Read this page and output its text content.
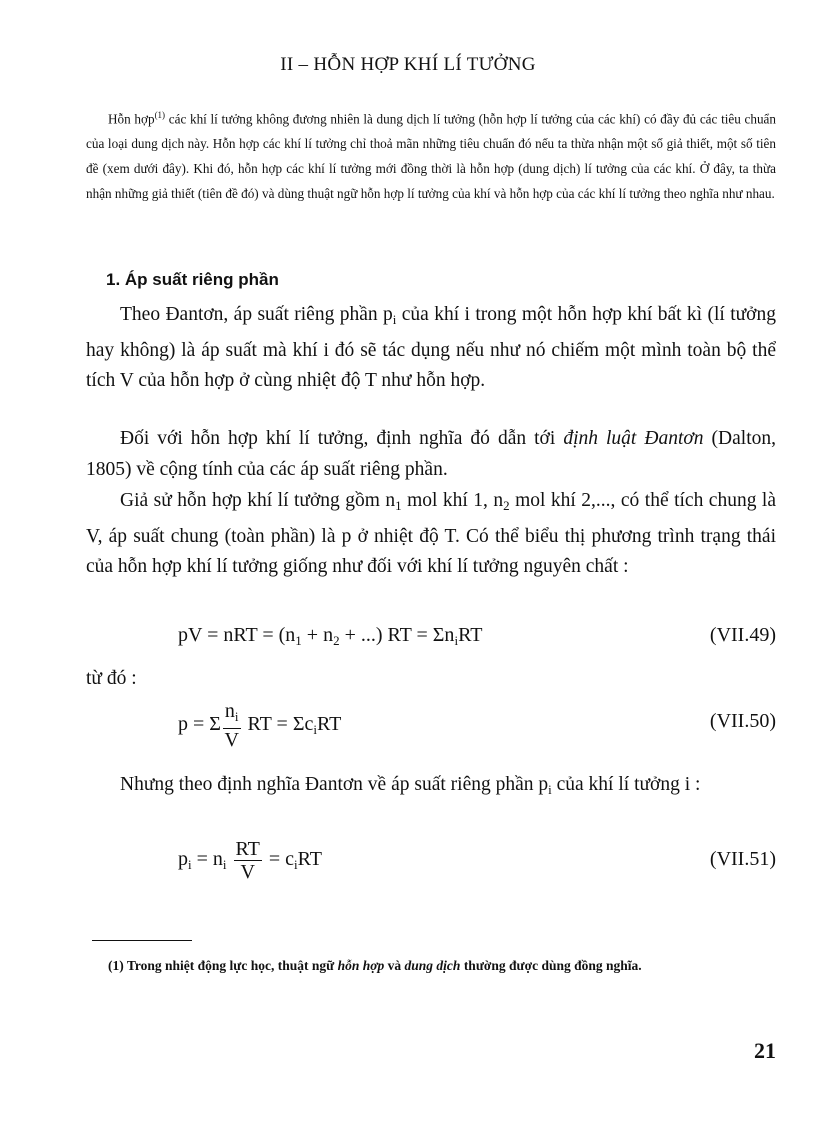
II – HỖN HỢP KHÍ LÍ TƯỞNG

Hỗn hợp$^{(1)}$ các khí lí tưởng không đương nhiên là dung dịch lí tưởng (hỗn hợp lí tưởng của các khí) có đầy đủ các tiêu chuẩn của loại dung dịch này. Hỗn hợp các khí lí tưởng chỉ thoả mãn những tiêu chuẩn đó nếu ta thừa nhận một số giả thiết, một số tiên đề (xem dưới đây). Khi đó, hỗn hợp các khí lí tưởng mới đồng thời là hỗn hợp (dung dịch) lí tưởng của các khí. Ở đây, ta thừa nhận những giả thiết (tiên đề đó) và dùng thuật ngữ hỗn hợp lí tưởng của khí và hỗn hợp của các khí lí tưởng theo nghĩa như nhau.

1. Áp suất riêng phần

Theo Đantơn, áp suất riêng phần $p_i$ của khí i trong một hỗn hợp khí bất kì (lí tưởng hay không) là áp suất mà khí i đó sẽ tác dụng nếu như nó chiếm một mình toàn bộ thể tích V của hỗn hợp ở cùng nhiệt độ T như hỗn hợp.

Đối với hỗn hợp khí lí tưởng, định nghĩa đó dẫn tới định luật Đantơn (Dalton, 1805) về cộng tính của các áp suất riêng phần.

Giả sử hỗn hợp khí lí tưởng gồm $n_1$ mol khí 1, $n_2$ mol khí 2,..., có thể tích chung là V, áp suất chung (toàn phần) là p ở nhiệt độ T. Có thể biểu thị phương trình trạng thái của hỗn hợp khí lí tưởng giống như đối với khí lí tưởng nguyên chất :

pV = nRT = ($n_1 + n_2$ + ...) RT = $\Sigma n_iRT$	(VII.49)

từ đó :

p = Σ $\frac{n_i}{V}$ RT = $\Sigma c_iRT$	(VII.50)

Nhưng theo định nghĩa Đantơn về áp suất riêng phần $p_i$ của khí lí tưởng i :

$p_i = n_i \frac{RT}{V} = c_iRT$	(VII.51)

(1) Trong nhiệt động lực học, thuật ngữ hỗn hợp và dung dịch thường được dùng đồng nghĩa.

21
